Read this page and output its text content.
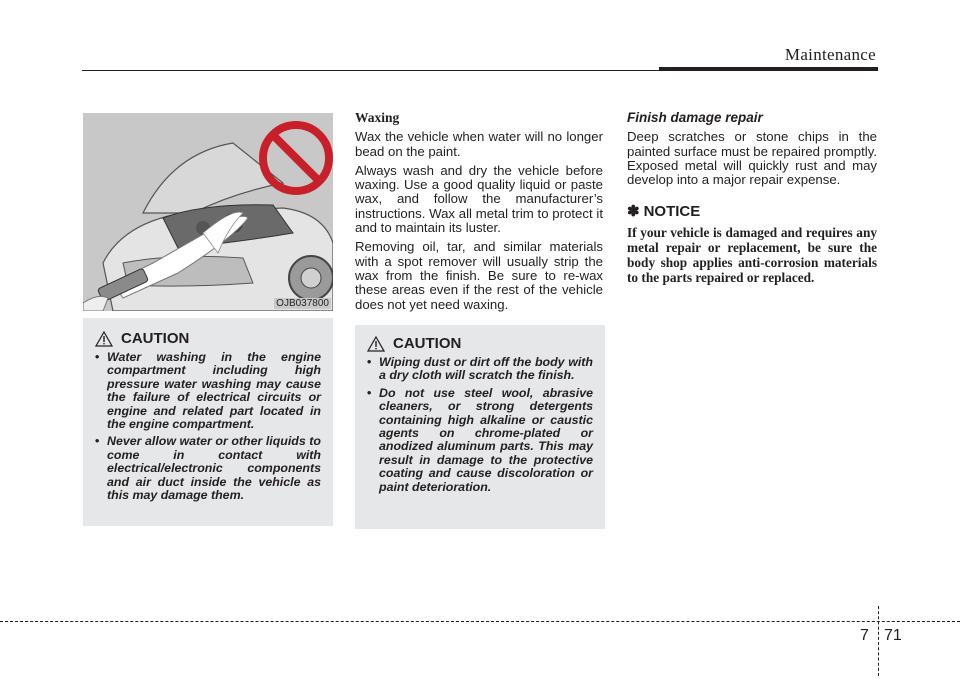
Maintenance
OJB037800
CAUTION
• Water washing in the engine compartment including high pressure water washing may cause the failure of electrical circuits or engine and related part located in the engine compartment.
• Never allow water or other liquids to come in contact with electrical/electronic components and air duct inside the vehicle as this may damage them.
Waxing

Wax the vehicle when water will no longer bead on the paint.

Always wash and dry the vehicle before waxing. Use a good quality liquid or paste wax, and follow the manufacturer’s instructions. Wax all metal trim to protect it and to maintain its luster.

Removing oil, tar, and similar materials with a spot remover will usually strip the wax from the finish. Be sure to re-wax these areas even if the rest of the vehicle does not yet need waxing.

CAUTION
• Wiping dust or dirt off the body with a dry cloth will scratch the finish.
• Do not use steel wool, abrasive cleaners, or strong detergents containing high alkaline or caustic agents on chrome-plated or anodized aluminum parts. This may result in damage to the protective coating and cause discoloration or paint deterioration.
Finish damage repair

Deep scratches or stone chips in the painted surface must be repaired promptly. Exposed metal will quickly rust and may develop into a major repair expense.

✽ NOTICE
If your vehicle is damaged and requires any metal repair or replacement, be sure the body shop applies anti-corrosion materials to the parts repaired or replaced.
7 71
